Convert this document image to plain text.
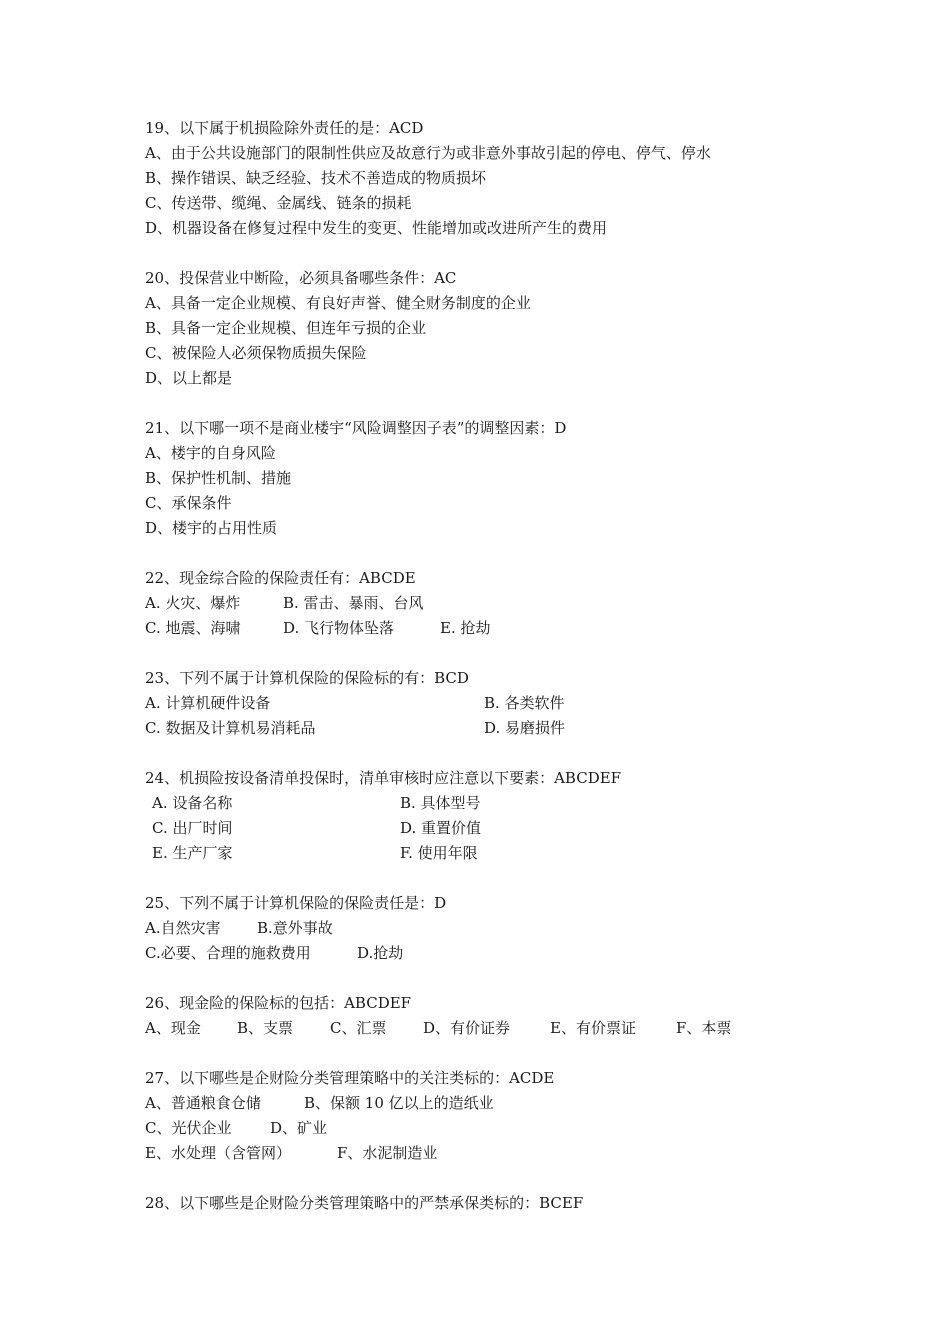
19、以下属于机损险除外责任的是：ACD
A、由于公共设施部门的限制性供应及故意行为或非意外事故引起的停电、停气、停水
B、操作错误、缺乏经验、技术不善造成的物质损坏
C、传送带、缆绳、金属线、链条的损耗
D、机器设备在修复过程中发生的变更、性能增加或改进所产生的费用
20、投保营业中断险，必须具备哪些条件：AC
A、具备一定企业规模、有良好声誉、健全财务制度的企业
B、具备一定企业规模、但连年亏损的企业
C、被保险人必须保物质损失保险
D、以上都是
21、以下哪一项不是商业楼宇“风险调整因子表”的调整因素：D
A、楼宇的自身风险
B、保护性机制、措施
C、承保条件
D、楼宇的占用性质
22、现金综合险的保险责任有：ABCDE
A. 火灾、爆炸	B. 雷击、暴雨、台风
C. 地震、海啸	D. 飞行物体坠落	E. 抢劫
23、下列不属于计算机保险的保险标的有：BCD
A. 计算机硬件设备	B. 各类软件
C. 数据及计算机易消耗品	D. 易磨损件
24、机损险按设备清单投保时，清单审核时应注意以下要素：ABCDEF
A. 设备名称	B. 具体型号
C. 出厂时间	D. 重置价值
E. 生产厂家	F. 使用年限
25、下列不属于计算机保险的保险责任是：D
A.自然灾害 B.意外事故
C.必要、合理的施救费用	D.抢劫
26、现金险的保险标的包括：ABCDEF
A、现金 B、支票 C、汇票 D、有价证券	E、有价票证	F、本票
27、以下哪些是企财险分类管理策略中的关注类标的：ACDE
A、普通粮食仓储	B、保额 10 亿以上的造纸业
C、光伏企业	D、矿业
E、水处理（含管网）	F、水泥制造业
28、以下哪些是企财险分类管理策略中的严禁承保类标的：BCEF
